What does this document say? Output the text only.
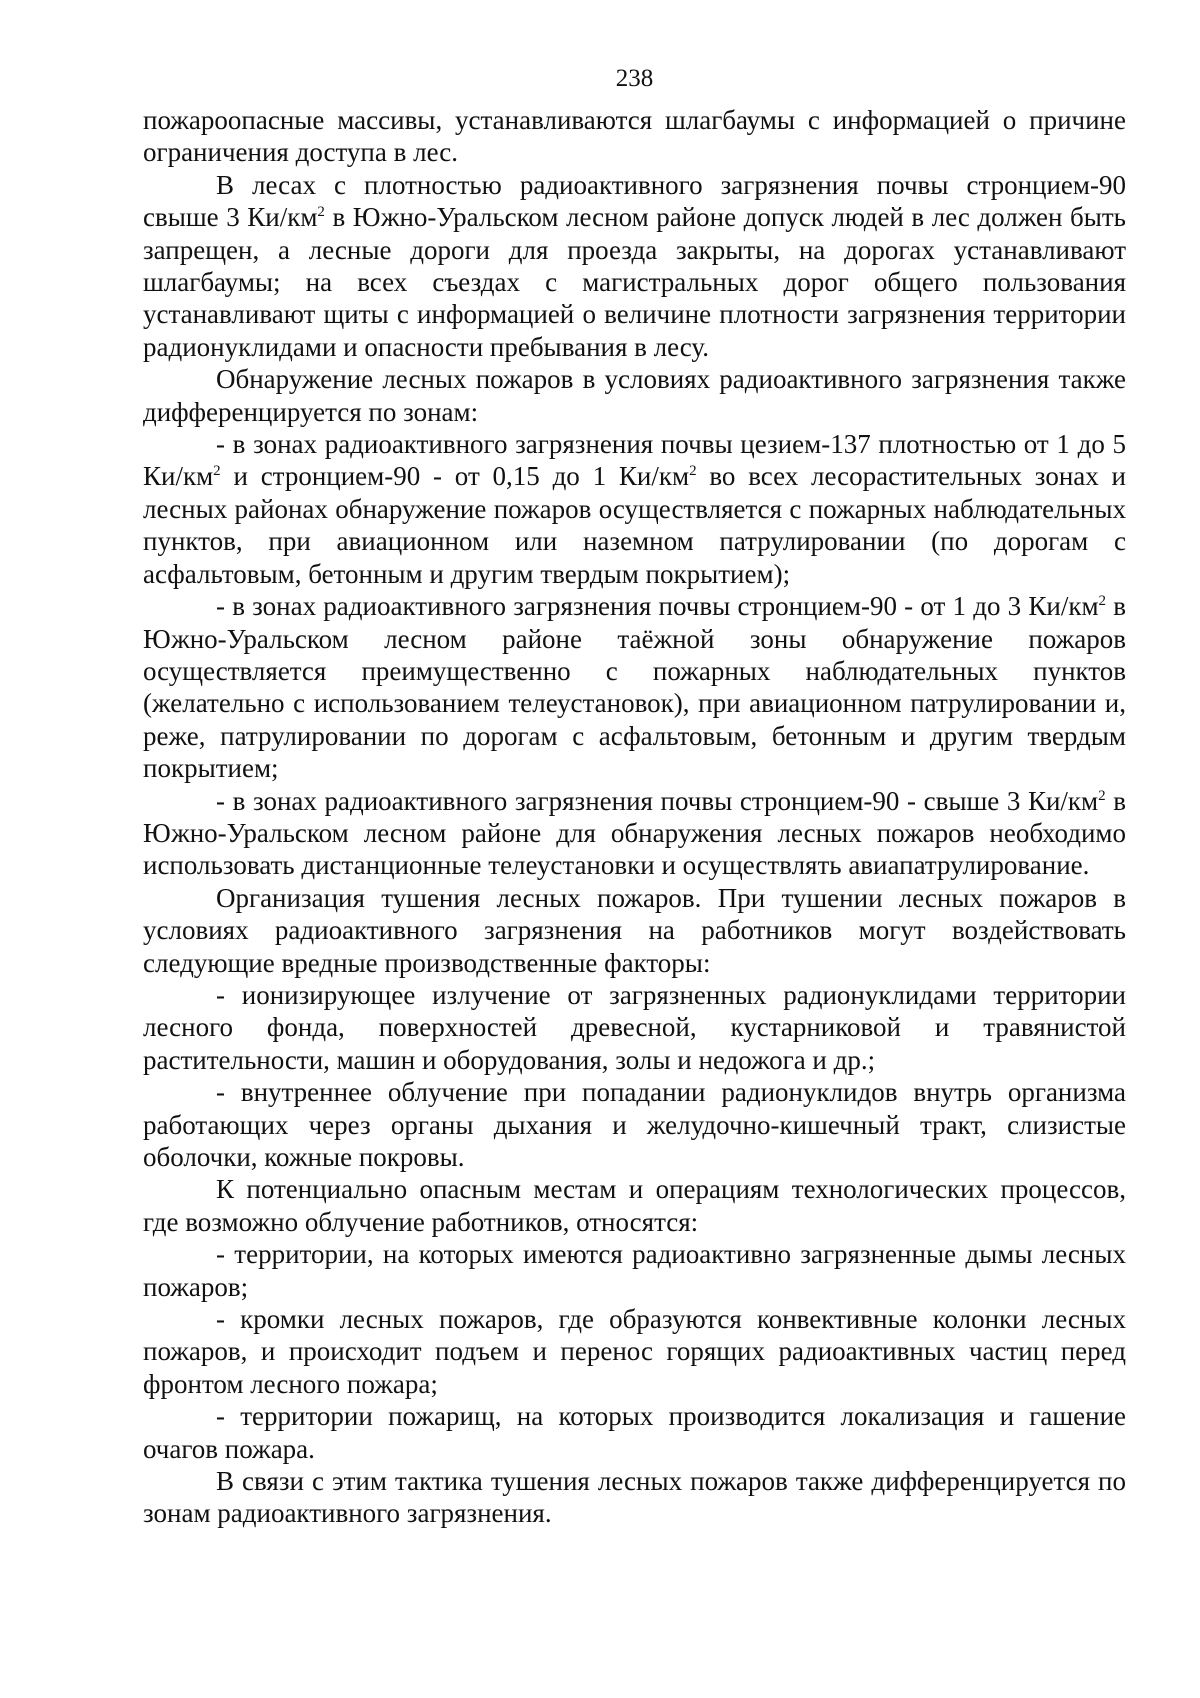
238

пожароопасные массивы, устанавливаются шлагбаумы с информацией о причине ограничения доступа в лес.

В лесах с плотностью радиоактивного загрязнения почвы стронцием-90 свыше 3 $Ки/км^2$ в Южно-Уральском лесном районе допуск людей в лес должен быть запрещен, а лесные дороги для проезда закрыты, на дорогах устанавливают шлагбаумы; на всех съездах с магистральных дорог общего пользования устанавливают щиты с информацией о величине плотности загрязнения территории радионуклидами и опасности пребывания в лесу.

Обнаружение лесных пожаров в условиях радиоактивного загрязнения также дифференцируется по зонам:

- в зонах радиоактивного загрязнения почвы цезием-137 плотностью от 1 до 5 $Ки/км^2$ и стронцием-90 - от 0,15 до 1 $Ки/км^2$ во всех лесорастительных зонах и лесных районах обнаружение пожаров осуществляется с пожарных наблюдательных пунктов, при авиационном или наземном патрулировании (по дорогам с асфальтовым, бетонным и другим твердым покрытием);

- в зонах радиоактивного загрязнения почвы стронцием-90 - от 1 до 3 $Ки/км^2$ в Южно-Уральском лесном районе таёжной зоны обнаружение пожаров осуществляется преимущественно с пожарных наблюдательных пунктов (желательно с использованием телеустановок), при авиационном патрулировании и, реже, патрулировании по дорогам с асфальтовым, бетонным и другим твердым покрытием;

- в зонах радиоактивного загрязнения почвы стронцием-90 - свыше 3 $Ки/км^2$ в Южно-Уральском лесном районе для обнаружения лесных пожаров необходимо использовать дистанционные телеустановки и осуществлять авиапатрулирование.

Организация тушения лесных пожаров. При тушении лесных пожаров в условиях радиоактивного загрязнения на работников могут воздействовать следующие вредные производственные факторы:

- ионизирующее излучение от загрязненных радионуклидами территории лесного фонда, поверхностей древесной, кустарниковой и травянистой растительности, машин и оборудования, золы и недожога и др.;

- внутреннее облучение при попадании радионуклидов внутрь организма работающих через органы дыхания и желудочно-кишечный тракт, слизистые оболочки, кожные покровы.

К потенциально опасным местам и операциям технологических процессов, где возможно облучение работников, относятся:

- территории, на которых имеются радиоактивно загрязненные дымы лесных пожаров;

- кромки лесных пожаров, где образуются конвективные колонки лесных пожаров, и происходит подъем и перенос горящих радиоактивных частиц перед фронтом лесного пожара;

- территории пожарищ, на которых производится локализация и гашение очагов пожара.

В связи с этим тактика тушения лесных пожаров также дифференцируется по зонам радиоактивного загрязнения.
